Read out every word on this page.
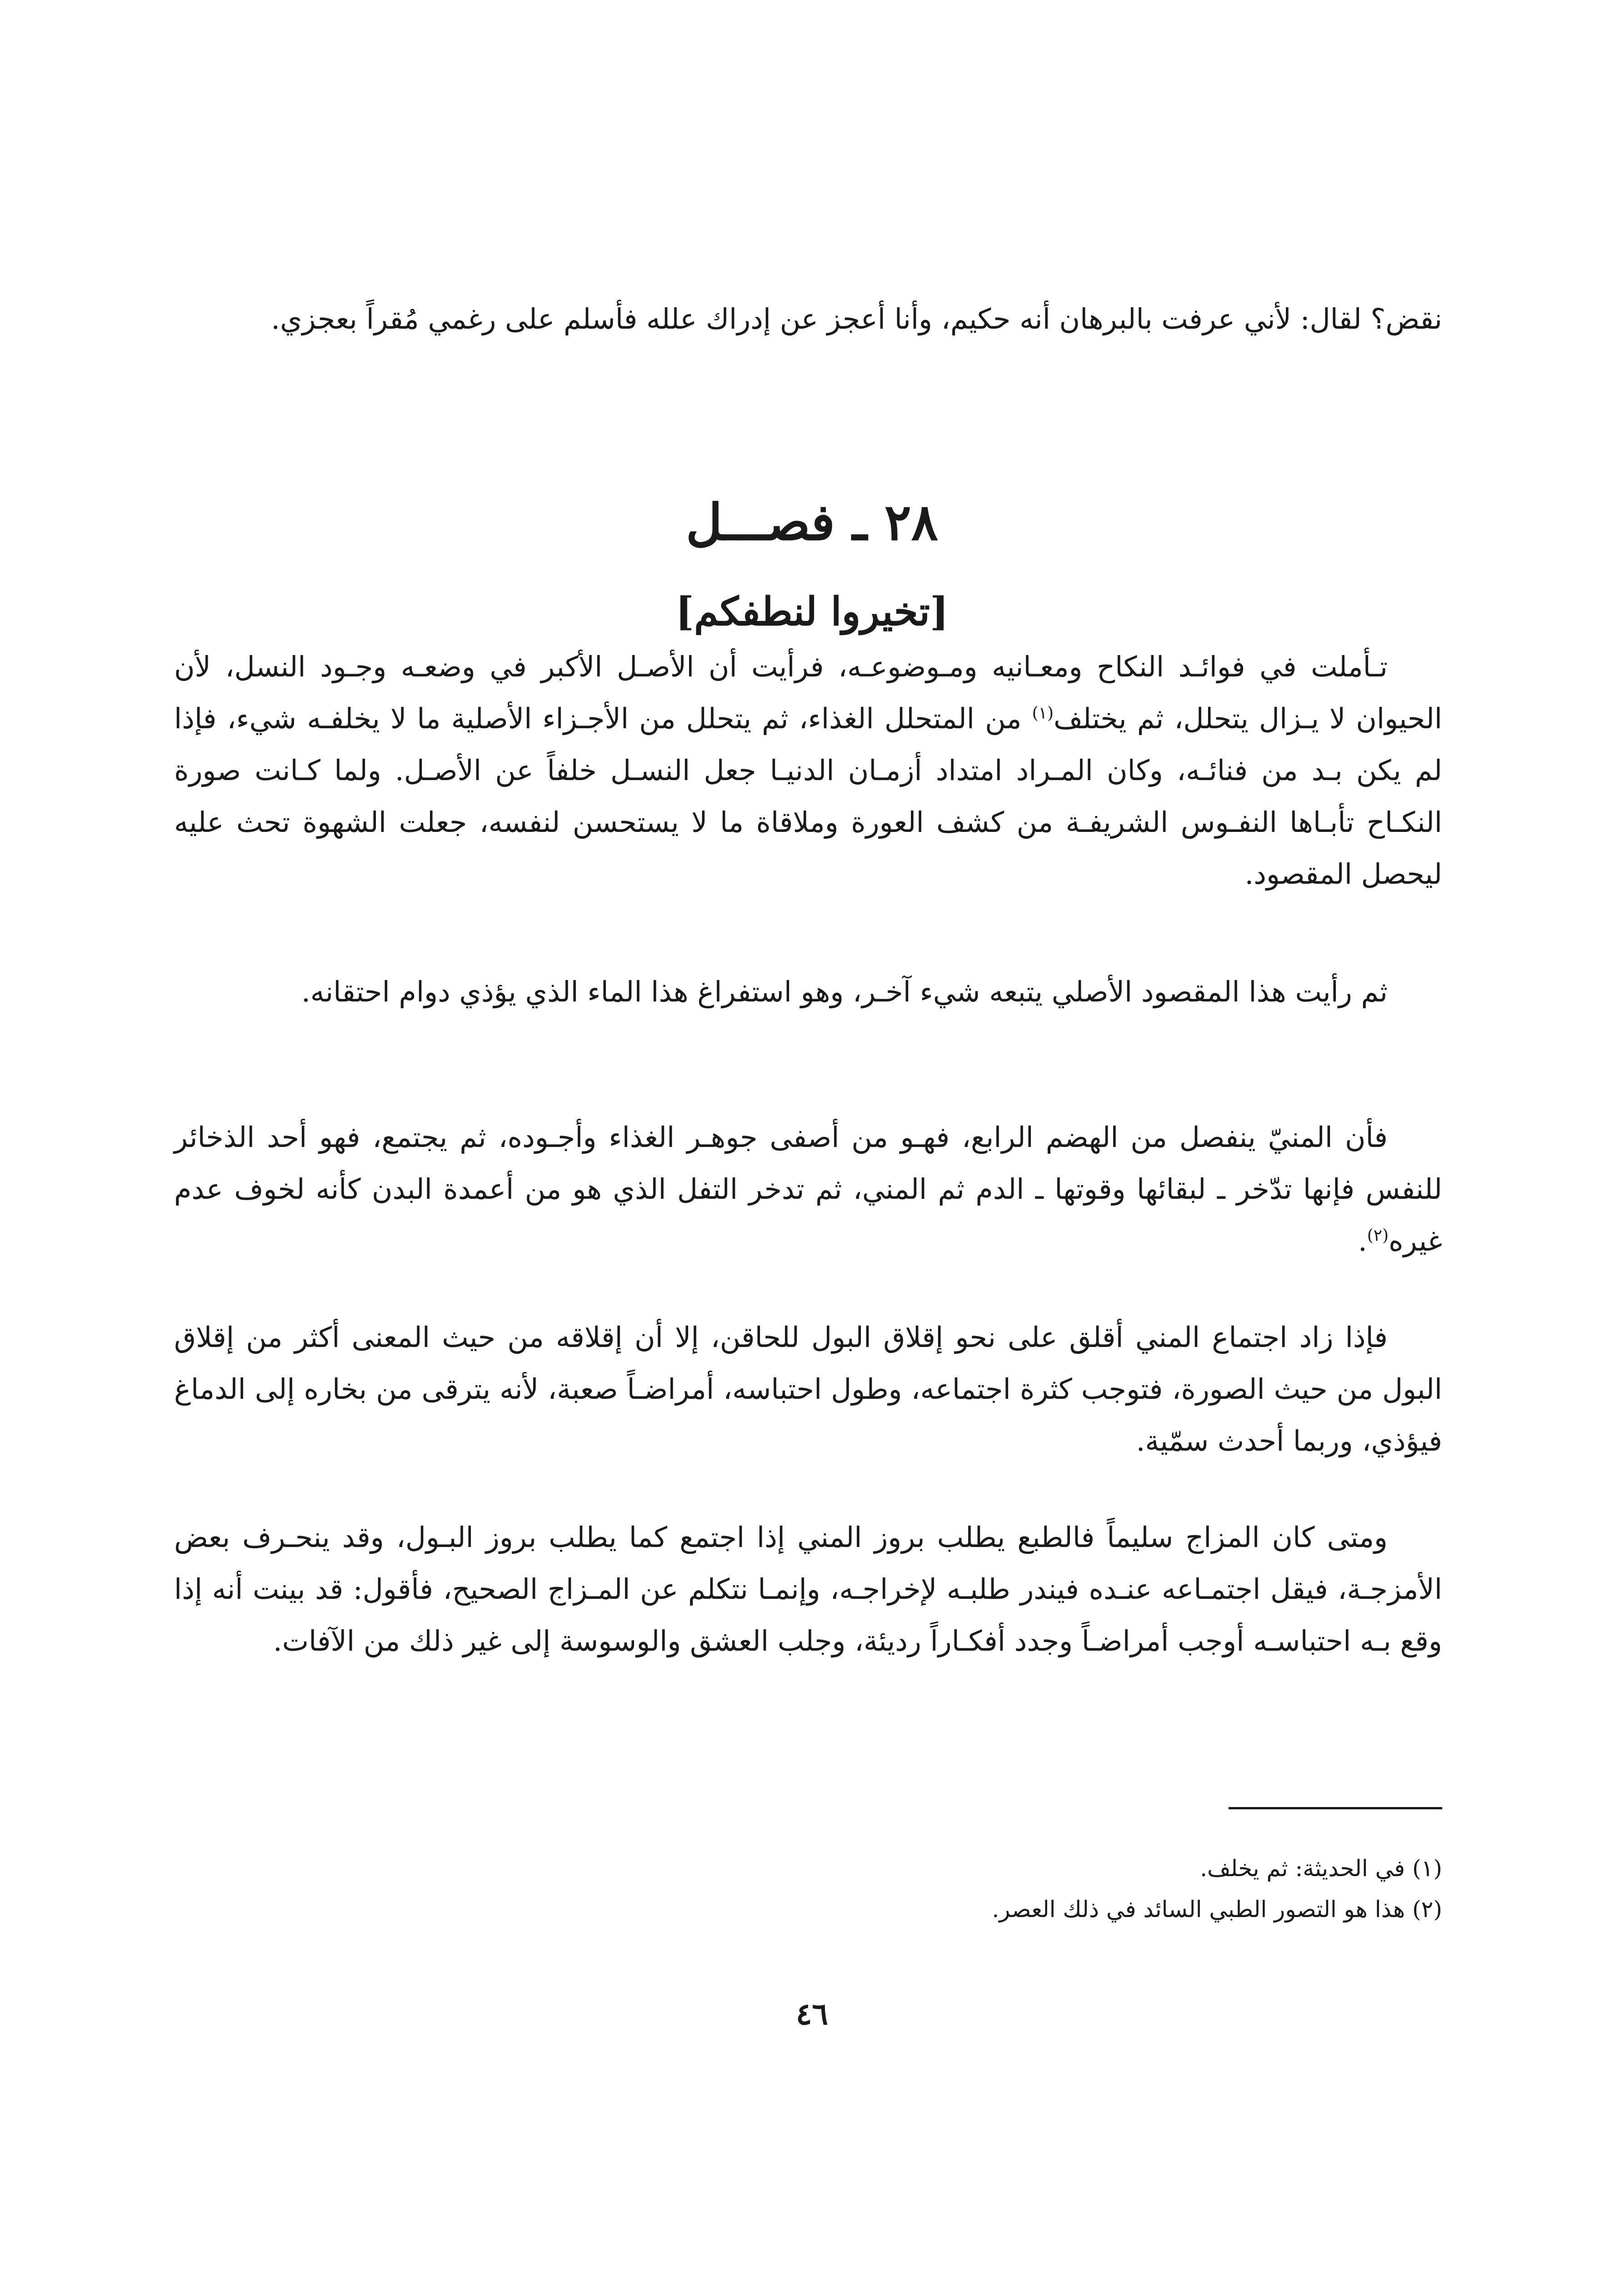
نقض؟ لقال: لأني عرفت بالبرهان أنه حكيم، وأنا أعجز عن إدراك علله فأسلم على رغمي مُقراً بعجزي.

٢٨ ـ فصـــل
[تخيروا لنطفكم]

تـأملت في فوائـد النكاح ومعـانيه ومـوضوعـه، فرأيت أن الأصـل الأكبر في وضعـه وجـود النسل، لأن الحيوان لا يـزال يتحلل، ثم يختلف$^{(١)}$ من المتحلل الغذاء، ثم يتحلل من الأجـزاء الأصلية ما لا يخلفـه شيء، فإذا لم يكن بـد من فنائـه، وكان المـراد امتداد أزمـان الدنيـا جعل النسـل خلفاً عن الأصـل. ولما كـانت صورة النكـاح تأبـاها النفـوس الشريفـة من كشف العورة وملاقاة ما لا يستحسن لنفسه، جعلت الشهوة تحث عليه ليحصل المقصود.

ثم رأيت هذا المقصود الأصلي يتبعه شيء آخـر، وهو استفراغ هذا الماء الذي يؤذي دوام احتقانه.

فأن المنيّ ينفصل من الهضم الرابع، فهـو من أصفى جوهـر الغذاء وأجـوده، ثم يجتمع، فهو أحد الذخائر للنفس فإنها تدّخر ـ لبقائها وقوتها ـ الدم ثم المني، ثم تدخر التفل الذي هو من أعمدة البدن كأنه لخوف عدم غيره$^{(٢)}$.

فإذا زاد اجتماع المني أقلق على نحو إقلاق البول للحاقن، إلا أن إقلاقه من حيث المعنى أكثر من إقلاق البول من حيث الصورة، فتوجب كثرة اجتماعه، وطول احتباسه، أمراضـاً صعبة، لأنه يترقى من بخاره إلى الدماغ فيؤذي، وربما أحدث سمّية.

ومتى كان المزاج سليماً فالطبع يطلب بروز المني إذا اجتمع كما يطلب بروز البـول، وقد ينحـرف بعض الأمزجـة، فيقل اجتمـاعه عنـده فيندر طلبـه لإخراجـه، وإنمـا نتكلم عن المـزاج الصحيح، فأقول: قد بينت أنه إذا وقع بـه احتباسـه أوجب أمراضـاً وجدد أفكـاراً رديئة، وجلب العشق والوسوسة إلى غير ذلك من الآفات.

(١) في الحديثة: ثم يخلف.

(٢) هذا هو التصور الطبي السائد في ذلك العصر.

٤٦
